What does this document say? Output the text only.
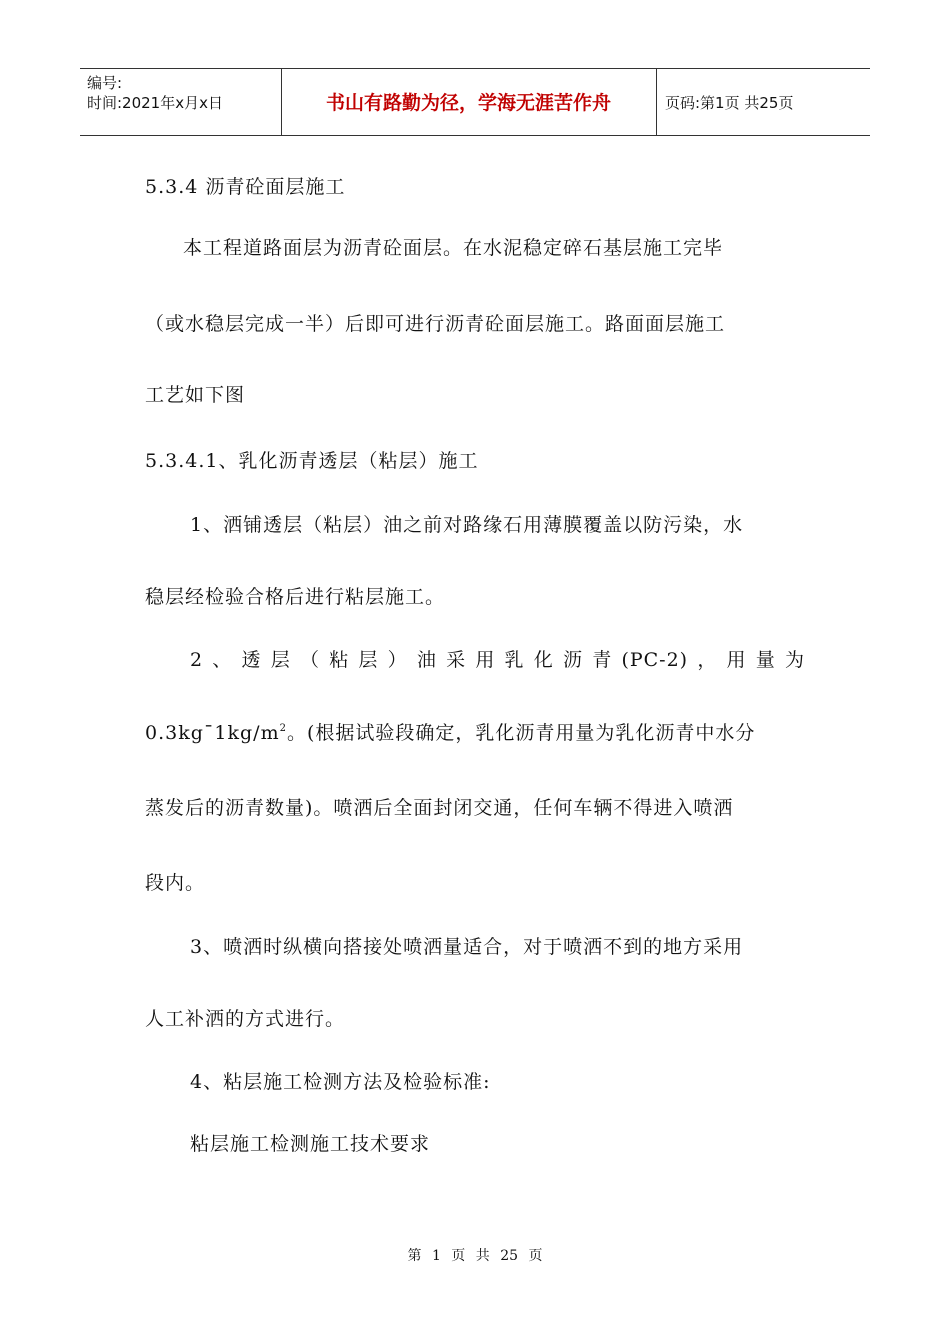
编号:
时间:2021年x月x日	书山有路勤为径，学海无涯苦作舟	页码:第1页 共25页
5.3.4 沥青砼面层施工
本工程道路面层为沥青砼面层。在水泥稳定碎石基层施工完毕
（或水稳层完成一半）后即可进行沥青砼面层施工。路面面层施工
工艺如下图
5.3.4.1、乳化沥青透层（粘层）施工
1、洒铺透层（粘层）油之前对路缘石用薄膜覆盖以防污染，水
稳层经检验合格后进行粘层施工。
2、透层（粘层）油采用乳化沥青(PC-2)，用量为
$0.3kg¯1kg/m^2$。(根据试验段确定，乳化沥青用量为乳化沥青中水分
蒸发后的沥青数量)。喷洒后全面封闭交通，任何车辆不得进入喷洒
段内。
3、喷洒时纵横向搭接处喷洒量适合，对于喷洒不到的地方采用
人工补洒的方式进行。
4、粘层施工检测方法及检验标准:
粘层施工检测施工技术要求
第 1 页 共 25 页
